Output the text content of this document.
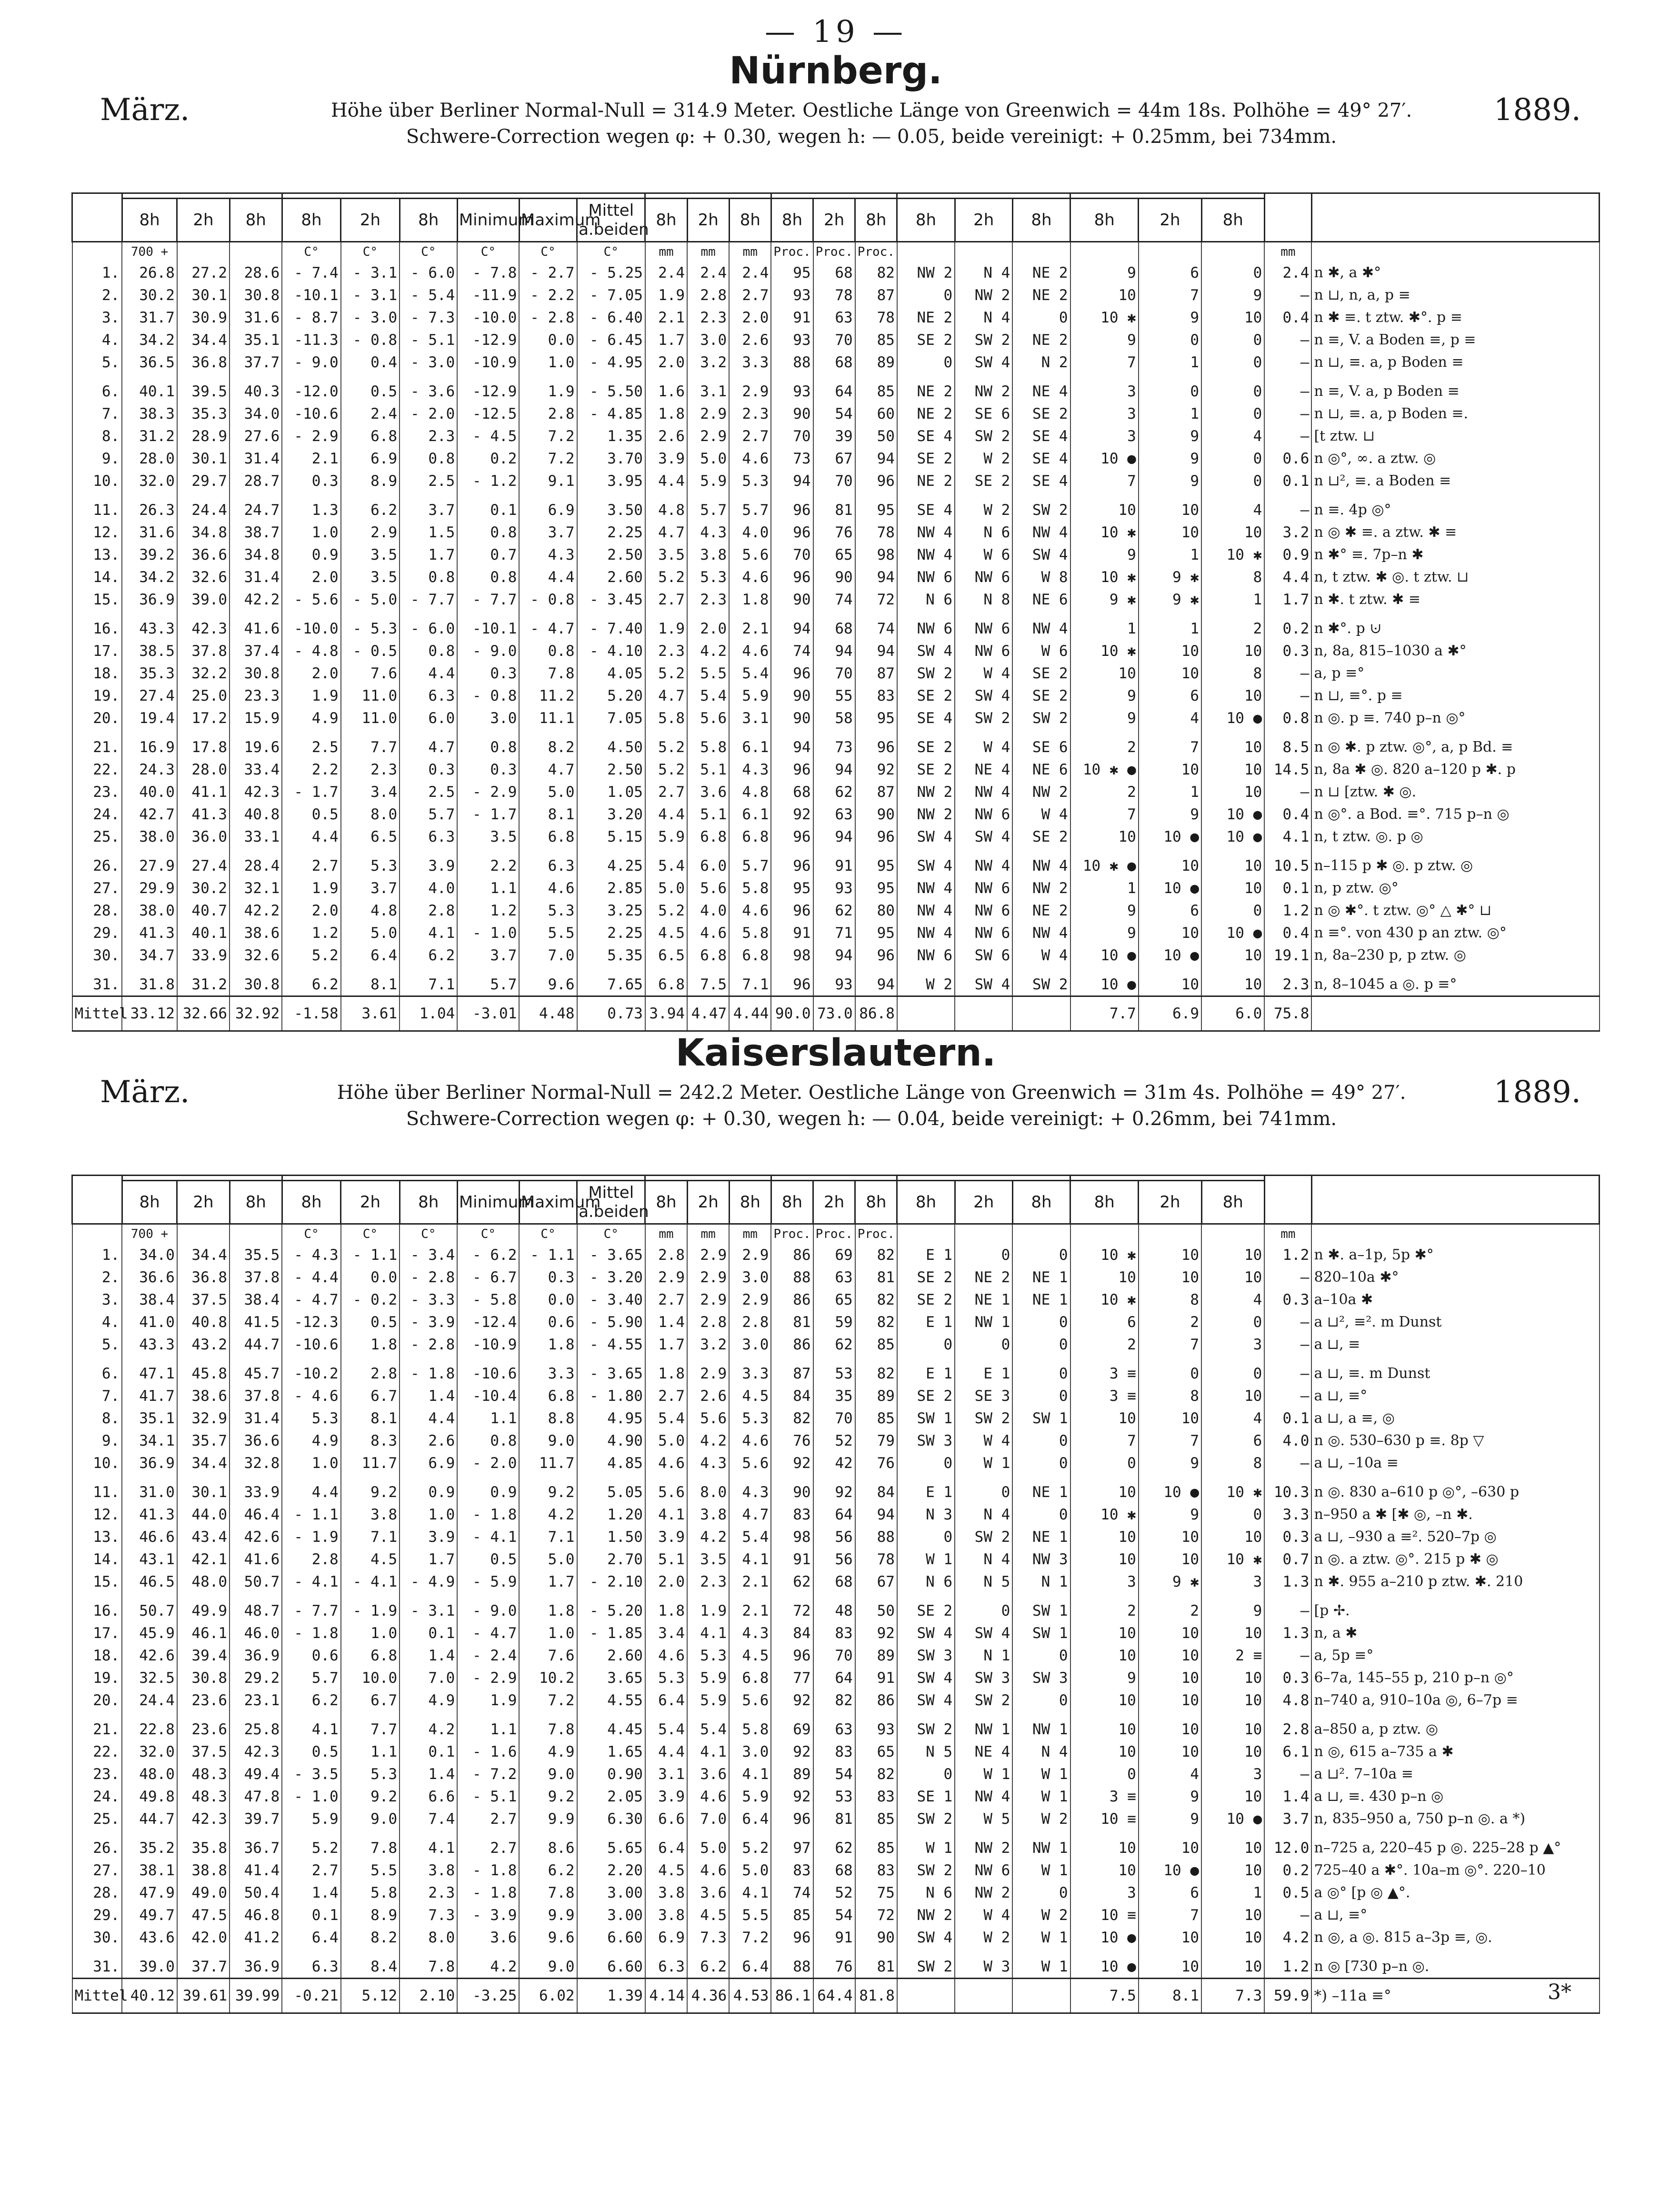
— 19 —
Nürnberg.
März.	Höhe über Berliner Normal-Null = 314.9 Meter. Oestliche Länge von Greenwich = 44m 18s. Polhöhe = 49° 27′.
Schwere-Correction wegen φ: + 0.30, wegen h: — 0.05, beide vereinigt: + 0.25mm, bei 734mm.
1889.

	8h	2h	8h	8h	2h	8h	Minimum	Maximum	Mittel a.beiden	8h	2h	8h	8h	2h	8h	8h	2h	8h	8h	2h	8h		
	700 +			C°	C°	C°	C°	C°	C°	mm	mm	mm	Proc.	Proc.	Proc.							mm	
1.	26.8	27.2	28.6	- 7.4	- 3.1	- 6.0	- 7.8	- 2.7	- 5.25	2.4	2.4	2.4	95	68	82	NW 2	N 4	NE 2	9	6	0	2.4	n ✱, a ✱°
2.	30.2	30.1	30.8	-10.1	- 3.1	- 5.4	-11.9	- 2.2	- 7.05	1.9	2.8	2.7	93	78	87	0	NW 2	NE 2	10	7	9	–	n ⊔, n, a, p ≡
3.	31.7	30.9	31.6	- 8.7	- 3.0	- 7.3	-10.0	- 2.8	- 6.40	2.1	2.3	2.0	91	63	78	NE 2	N 4	0	10 ✱	9	10	0.4	n ✱ ≡. t ztw. ✱°. p ≡
4.	34.2	34.4	35.1	-11.3	- 0.8	- 5.1	-12.9	0.0	- 6.45	1.7	3.0	2.6	93	70	85	SE 2	SW 2	NE 2	9	0	0	–	n ≡, V. a Boden ≡, p ≡
5.	36.5	36.8	37.7	- 9.0	0.4	- 3.0	-10.9	1.0	- 4.95	2.0	3.2	3.3	88	68	89	0	SW 4	N 2	7	1	0	–	n ⊔, ≡. a, p Boden ≡
6.	40.1	39.5	40.3	-12.0	0.5	- 3.6	-12.9	1.9	- 5.50	1.6	3.1	2.9	93	64	85	NE 2	NW 2	NE 4	3	0	0	–	n ≡, V. a, p Boden ≡
7.	38.3	35.3	34.0	-10.6	2.4	- 2.0	-12.5	2.8	- 4.85	1.8	2.9	2.3	90	54	60	NE 2	SE 6	SE 2	3	1	0	–	n ⊔, ≡. a, p Boden ≡.
8.	31.2	28.9	27.6	- 2.9	6.8	2.3	- 4.5	7.2	1.35	2.6	2.9	2.7	70	39	50	SE 4	SW 2	SE 4	3	9	4	–	[t ztw. ⊔
9.	28.0	30.1	31.4	2.1	6.9	0.8	0.2	7.2	3.70	3.9	5.0	4.6	73	67	94	SE 2	W 2	SE 4	10 ●	9	0	0.6	n ◎°, ∞. a ztw. ◎
10.	32.0	29.7	28.7	0.3	8.9	2.5	- 1.2	9.1	3.95	4.4	5.9	5.3	94	70	96	NE 2	SE 2	SE 4	7	9	0	0.1	n ⊔², ≡. a Boden ≡
11.	26.3	24.4	24.7	1.3	6.2	3.7	0.1	6.9	3.50	4.8	5.7	5.7	96	81	95	SE 4	W 2	SW 2	10	10	4	–	n ≡. 4p ◎°
12.	31.6	34.8	38.7	1.0	2.9	1.5	0.8	3.7	2.25	4.7	4.3	4.0	96	76	78	NW 4	N 6	NW 4	10 ✱	10	10	3.2	n ◎ ✱ ≡. a ztw. ✱ ≡
13.	39.2	36.6	34.8	0.9	3.5	1.7	0.7	4.3	2.50	3.5	3.8	5.6	70	65	98	NW 4	W 6	SW 4	9	1	10 ✱	0.9	n ✱° ≡. 7p–n ✱
14.	34.2	32.6	31.4	2.0	3.5	0.8	0.8	4.4	2.60	5.2	5.3	4.6	96	90	94	NW 6	NW 6	W 8	10 ✱	9 ✱	8	4.4	n, t ztw. ✱ ◎. t ztw. ⊔
15.	36.9	39.0	42.2	- 5.6	- 5.0	- 7.7	- 7.7	- 0.8	- 3.45	2.7	2.3	1.8	90	74	72	N 6	N 8	NE 6	9 ✱	9 ✱	1	1.7	n ✱. t ztw. ✱ ≡
16.	43.3	42.3	41.6	-10.0	- 5.3	- 6.0	-10.1	- 4.7	- 7.40	1.9	2.0	2.1	94	68	74	NW 6	NW 6	NW 4	1	1	2	0.2	n ✱°. p ⊍
17.	38.5	37.8	37.4	- 4.8	- 0.5	0.8	- 9.0	0.8	- 4.10	2.3	4.2	4.6	74	94	94	SW 4	NW 6	W 6	10 ✱	10	10	0.3	n, 8a, 815–1030 a ✱°
18.	35.3	32.2	30.8	2.0	7.6	4.4	0.3	7.8	4.05	5.2	5.5	5.4	96	70	87	SW 2	W 4	SE 2	10	10	8	–	a, p ≡°
19.	27.4	25.0	23.3	1.9	11.0	6.3	- 0.8	11.2	5.20	4.7	5.4	5.9	90	55	83	SE 2	SW 4	SE 2	9	6	10	–	n ⊔, ≡°. p ≡
20.	19.4	17.2	15.9	4.9	11.0	6.0	3.0	11.1	7.05	5.8	5.6	3.1	90	58	95	SE 4	SW 2	SW 2	9	4	10 ●	0.8	n ◎. p ≡. 740 p–n ◎°
21.	16.9	17.8	19.6	2.5	7.7	4.7	0.8	8.2	4.50	5.2	5.8	6.1	94	73	96	SE 2	W 4	SE 6	2	7	10	8.5	n ◎ ✱. p ztw. ◎°, a, p Bd. ≡
22.	24.3	28.0	33.4	2.2	2.3	0.3	0.3	4.7	2.50	5.2	5.1	4.3	96	94	92	SE 2	NE 4	NE 6	10 ✱ ●	10	10	14.5	n, 8a ✱ ◎. 820 a–120 p ✱. p
23.	40.0	41.1	42.3	- 1.7	3.4	2.5	- 2.9	5.0	1.05	2.7	3.6	4.8	68	62	87	NW 2	NW 4	NW 2	2	1	10	–	n ⊔ [ztw. ✱ ◎.
24.	42.7	41.3	40.8	0.5	8.0	5.7	- 1.7	8.1	3.20	4.4	5.1	6.1	92	63	90	NW 2	NW 6	W 4	7	9	10 ●	0.4	n ◎°. a Bod. ≡°. 715 p–n ◎
25.	38.0	36.0	33.1	4.4	6.5	6.3	3.5	6.8	5.15	5.9	6.8	6.8	96	94	96	SW 4	SW 4	SE 2	10	10 ●	10 ●	4.1	n, t ztw. ◎. p ◎
26.	27.9	27.4	28.4	2.7	5.3	3.9	2.2	6.3	4.25	5.4	6.0	5.7	96	91	95	SW 4	NW 4	NW 4	10 ✱ ●	10	10	10.5	n–115 p ✱ ◎. p ztw. ◎
27.	29.9	30.2	32.1	1.9	3.7	4.0	1.1	4.6	2.85	5.0	5.6	5.8	95	93	95	NW 4	NW 6	NW 2	1	10 ●	10	0.1	n, p ztw. ◎°
28.	38.0	40.7	42.2	2.0	4.8	2.8	1.2	5.3	3.25	5.2	4.0	4.6	96	62	80	NW 4	NW 6	NE 2	9	6	0	1.2	n ◎ ✱°. t ztw. ◎° △ ✱° ⊔
29.	41.3	40.1	38.6	1.2	5.0	4.1	- 1.0	5.5	2.25	4.5	4.6	5.8	91	71	95	NW 4	NW 6	NW 4	9	10	10 ●	0.4	n ≡°. von 430 p an ztw. ◎°
30.	34.7	33.9	32.6	5.2	6.4	6.2	3.7	7.0	5.35	6.5	6.8	6.8	98	94	96	NW 6	SW 6	W 4	10 ●	10 ●	10	19.1	n, 8a–230 p, p ztw. ◎
31.	31.8	31.2	30.8	6.2	8.1	7.1	5.7	9.6	7.65	6.8	7.5	7.1	96	93	94	W 2	SW 4	SW 2	10 ●	10	10	2.3	n, 8–1045 a ◎. p ≡°
Mittel	33.12	32.66	32.92	-1.58	3.61	1.04	-3.01	4.48	0.73	3.94	4.47	4.44	90.0	73.0	86.8				7.7	6.9	6.0	75.8	
Kaiserslautern.
März.	Höhe über Berliner Normal-Null = 242.2 Meter. Oestliche Länge von Greenwich = 31m 4s. Polhöhe = 49° 27′.
Schwere-Correction wegen φ: + 0.30, wegen h: — 0.04, beide vereinigt: + 0.26mm, bei 741mm.
1889.

	8h	2h	8h	8h	2h	8h	Minimum	Maximum	Mittel a.beiden	8h	2h	8h	8h	2h	8h	8h	2h	8h	8h	2h	8h		
	700 +			C°	C°	C°	C°	C°	C°	mm	mm	mm	Proc.	Proc.	Proc.							mm	
1.	34.0	34.4	35.5	- 4.3	- 1.1	- 3.4	- 6.2	- 1.1	- 3.65	2.8	2.9	2.9	86	69	82	E 1	0	0	10 ✱	10	10	1.2	n ✱. a–1p, 5p ✱°
2.	36.6	36.8	37.8	- 4.4	0.0	- 2.8	- 6.7	0.3	- 3.20	2.9	2.9	3.0	88	63	81	SE 2	NE 2	NE 1	10	10	10	–	820–10a ✱°
3.	38.4	37.5	38.4	- 4.7	- 0.2	- 3.3	- 5.8	0.0	- 3.40	2.7	2.9	2.9	86	65	82	SE 2	NE 1	NE 1	10 ✱	8	4	0.3	a–10a ✱
4.	41.0	40.8	41.5	-12.3	0.5	- 3.9	-12.4	0.6	- 5.90	1.4	2.8	2.8	81	59	82	E 1	NW 1	0	6	2	0	–	a ⊔², ≡². m Dunst
5.	43.3	43.2	44.7	-10.6	1.8	- 2.8	-10.9	1.8	- 4.55	1.7	3.2	3.0	86	62	85	0	0	0	2	7	3	–	a ⊔, ≡
6.	47.1	45.8	45.7	-10.2	2.8	- 1.8	-10.6	3.3	- 3.65	1.8	2.9	3.3	87	53	82	E 1	E 1	0	3 ≡	0	0	–	a ⊔, ≡. m Dunst
7.	41.7	38.6	37.8	- 4.6	6.7	1.4	-10.4	6.8	- 1.80	2.7	2.6	4.5	84	35	89	SE 2	SE 3	0	3 ≡	8	10	–	a ⊔, ≡°
8.	35.1	32.9	31.4	5.3	8.1	4.4	1.1	8.8	4.95	5.4	5.6	5.3	82	70	85	SW 1	SW 2	SW 1	10	10	4	0.1	a ⊔, a ≡, ◎
9.	34.1	35.7	36.6	4.9	8.3	2.6	0.8	9.0	4.90	5.0	4.2	4.6	76	52	79	SW 3	W 4	0	7	7	6	4.0	n ◎. 530–630 p ≡. 8p ▽
10.	36.9	34.4	32.8	1.0	11.7	6.9	- 2.0	11.7	4.85	4.6	4.3	5.6	92	42	76	0	W 1	0	0	9	8	–	a ⊔, –10a ≡
11.	31.0	30.1	33.9	4.4	9.2	0.9	0.9	9.2	5.05	5.6	8.0	4.3	90	92	84	E 1	0	NE 1	10	10 ●	10 ✱	10.3	n ◎. 830 a–610 p ◎°, –630 p
12.	41.3	44.0	46.4	- 1.1	3.8	1.0	- 1.8	4.2	1.20	4.1	3.8	4.7	83	64	94	N 3	N 4	0	10 ✱	9	0	3.3	n–950 a ✱ [✱ ◎, –n ✱.
13.	46.6	43.4	42.6	- 1.9	7.1	3.9	- 4.1	7.1	1.50	3.9	4.2	5.4	98	56	88	0	SW 2	NE 1	10	10	10	0.3	a ⊔, –930 a ≡². 520–7p ◎
14.	43.1	42.1	41.6	2.8	4.5	1.7	0.5	5.0	2.70	5.1	3.5	4.1	91	56	78	W 1	N 4	NW 3	10	10	10 ✱	0.7	n ◎. a ztw. ◎°. 215 p ✱ ◎
15.	46.5	48.0	50.7	- 4.1	- 4.1	- 4.9	- 5.9	1.7	- 2.10	2.0	2.3	2.1	62	68	67	N 6	N 5	N 1	3	9 ✱	3	1.3	n ✱. 955 a–210 p ztw. ✱. 210
16.	50.7	49.9	48.7	- 7.7	- 1.9	- 3.1	- 9.0	1.8	- 5.20	1.8	1.9	2.1	72	48	50	SE 2	0	SW 1	2	2	9	–	[p ✢.
17.	45.9	46.1	46.0	- 1.8	1.0	0.1	- 4.7	1.0	- 1.85	3.4	4.1	4.3	84	83	92	SW 4	SW 4	SW 1	10	10	10	1.3	n, a ✱
18.	42.6	39.4	36.9	0.6	6.8	1.4	- 2.4	7.6	2.60	4.6	5.3	4.5	96	70	89	SW 3	N 1	0	10	10	2 ≡	–	a, 5p ≡°
19.	32.5	30.8	29.2	5.7	10.0	7.0	- 2.9	10.2	3.65	5.3	5.9	6.8	77	64	91	SW 4	SW 3	SW 3	9	10	10	0.3	6–7a, 145–55 p, 210 p–n ◎°
20.	24.4	23.6	23.1	6.2	6.7	4.9	1.9	7.2	4.55	6.4	5.9	5.6	92	82	86	SW 4	SW 2	0	10	10	10	4.8	n–740 a, 910–10a ◎, 6–7p ≡
21.	22.8	23.6	25.8	4.1	7.7	4.2	1.1	7.8	4.45	5.4	5.4	5.8	69	63	93	SW 2	NW 1	NW 1	10	10	10	2.8	a–850 a, p ztw. ◎
22.	32.0	37.5	42.3	0.5	1.1	0.1	- 1.6	4.9	1.65	4.4	4.1	3.0	92	83	65	N 5	NE 4	N 4	10	10	10	6.1	n ◎, 615 a–735 a ✱
23.	48.0	48.3	49.4	- 3.5	5.3	1.4	- 7.2	9.0	0.90	3.1	3.6	4.1	89	54	82	0	W 1	W 1	0	4	3	–	a ⊔². 7–10a ≡
24.	49.8	48.3	47.8	- 1.0	9.2	6.6	- 5.1	9.2	2.05	3.9	4.6	5.9	92	53	83	SE 1	NW 4	W 1	3 ≡	9	10	1.4	a ⊔, ≡. 430 p–n ◎
25.	44.7	42.3	39.7	5.9	9.0	7.4	2.7	9.9	6.30	6.6	7.0	6.4	96	81	85	SW 2	W 5	W 2	10 ≡	9	10 ●	3.7	n, 835–950 a, 750 p–n ◎. a *)
26.	35.2	35.8	36.7	5.2	7.8	4.1	2.7	8.6	5.65	6.4	5.0	5.2	97	62	85	W 1	NW 2	NW 1	10	10	10	12.0	n–725 a, 220–45 p ◎. 225–28 p ▲°
27.	38.1	38.8	41.4	2.7	5.5	3.8	- 1.8	6.2	2.20	4.5	4.6	5.0	83	68	83	SW 2	NW 6	W 1	10	10 ●	10	0.2	725–40 a ✱°. 10a–m ◎°. 220–10
28.	47.9	49.0	50.4	1.4	5.8	2.3	- 1.8	7.8	3.00	3.8	3.6	4.1	74	52	75	N 6	NW 2	0	3	6	1	0.5	a ◎° [p ◎ ▲°.
29.	49.7	47.5	46.8	0.1	8.9	7.3	- 3.9	9.9	3.00	3.8	4.5	5.5	85	54	72	NW 2	W 4	W 2	10 ≡	7	10	–	a ⊔, ≡°
30.	43.6	42.0	41.2	6.4	8.2	8.0	3.6	9.6	6.60	6.9	7.3	7.2	96	91	90	SW 4	W 2	W 1	10 ●	10	10	4.2	n ◎, a ◎. 815 a–3p ≡, ◎.
31.	39.0	37.7	36.9	6.3	8.4	7.8	4.2	9.0	6.60	6.3	6.2	6.4	88	76	81	SW 2	W 3	W 1	10 ●	10	10	1.2	n ◎ [730 p–n ◎.
Mittel	40.12	39.61	39.99	-0.21	5.12	2.10	-3.25	6.02	1.39	4.14	4.36	4.53	86.1	64.4	81.8				7.5	8.1	7.3	59.9	*) –11a ≡°	3*
